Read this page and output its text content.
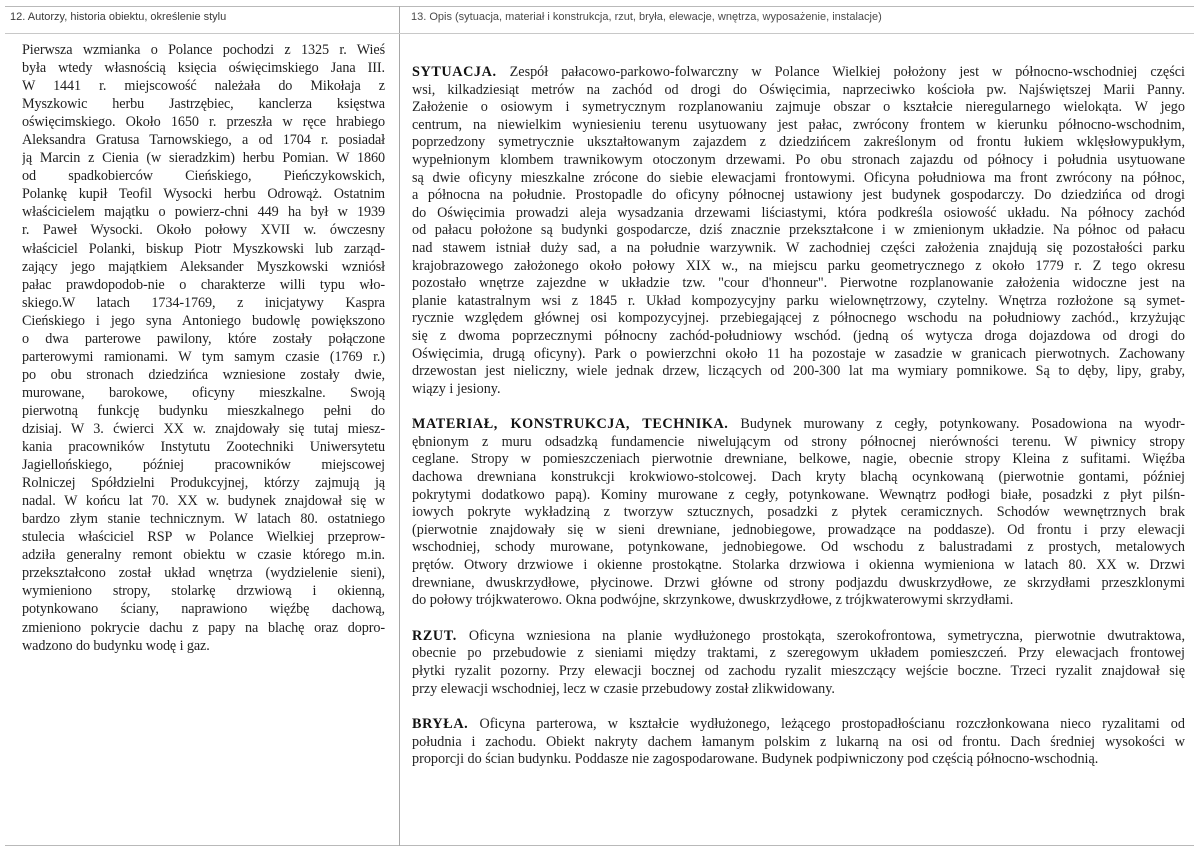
12. Autorzy, historia obiektu, określenie stylu	13. Opis (sytuacja, materiał i konstrukcja, rzut, bryła, elewacje, wnętrza, wyposażenie, instalacje)
Pierwsza wzmianka o Polance pochodzi z 1325 r. Wieś
była wtedy własnością księcia oświęcimskiego Jana III.
W 1441 r. miejscowość należała do Mikołaja z
Myszkowic herbu Jastrzębiec, kanclerza księstwa
oświęcimskiego. Około 1650 r. przeszła w ręce hrabiego
Aleksandra Gratusa Tarnowskiego, a od 1704 r. posiadał
ją Marcin z Cienia (w sieradzkim) herbu Pomian. W 1860
od spadkobierców Cieńskiego, Pieńczykowskich,
Polankę kupił Teofil Wysocki herbu Odrowąż. Ostatnim
właścicielem majątku o powierz-chni 449 ha był w 1939
r. Paweł Wysocki. Około połowy XVII w. ówczesny
właściciel Polanki, biskup Piotr Myszkowski lub zarząd-
zający jego majątkiem Aleksander Myszkowski wzniósł
pałac prawdopodob-nie o charakterze willi typu wło-
skiego.W latach 1734-1769, z inicjatywy Kaspra
Cieńskiego i jego syna Antoniego budowlę powiększono
o dwa parterowe pawilony, które zostały połączone
parterowymi ramionami. W tym samym czasie (1769 r.)
po obu stronach dziedzińca wzniesione zostały dwie,
murowane, barokowe, oficyny mieszkalne. Swoją
pierwotną funkcję budynku mieszkalnego pełni do
dzisiaj. W 3. ćwierci XX w. znajdowały się tutaj miesz-
kania pracowników Instytutu Zootechniki Uniwersytetu
Jagiellońskiego, później pracowników miejscowej
Rolniczej Spółdzielni Produkcyjnej, którzy zajmują ją
nadal. W końcu lat 70. XX w. budynek znajdował się w
bardzo złym stanie technicznym. W latach 80. ostatniego
stulecia właściciel RSP w Polance Wielkiej przeprow-
adziła generalny remont obiektu w czasie którego m.in.
przekształcono został układ wnętrza (wydzielenie sieni),
wymieniono stropy, stolarkę drzwiową i okienną,
potynkowano ściany, naprawiono więźbę dachową,
zmieniono pokrycie dachu z papy na blachę oraz dopro-
wadzono do budynku wodę i gaz.
SYTUACJA. Zespół pałacowo-parkowo-folwarczny w Polance Wielkiej położony jest w północno-wschodniej części
wsi, kilkadziesiąt metrów na zachód od drogi do Oświęcimia, naprzeciwko kościoła pw. Najświętszej Marii Panny.
Założenie o osiowym i symetrycznym rozplanowaniu zajmuje obszar o kształcie nieregularnego wielokąta. W jego
centrum, na niewielkim wyniesieniu terenu usytuowany jest pałac, zwrócony frontem w kierunku północno-wschodnim,
poprzedzony symetrycznie ukształtowanym zajazdem z dziedzińcem zakreślonym od frontu łukiem wklęsłowypukłym,
wypełnionym klombem trawnikowym otoczonym drzewami. Po obu stronach zajazdu od północy i południa usytuowane
są dwie oficyny mieszkalne zrócone do siebie elewacjami frontowymi. Oficyna południowa ma front zwrócony na północ,
a północna na południe. Prostopadle do oficyny północnej ustawiony jest budynek gospodarczy. Do dziedzińca od drogi
do Oświęcimia prowadzi aleja wysadzania drzewami liściastymi, która podkreśla osiowość układu. Na północy zachód
od pałacu położone są budynki gospodarcze, dziś znacznie przekształcone i w zmienionym układzie. Na północ od pałacu
nad stawem istniał duży sad, a na południe warzywnik. W zachodniej części założenia znajdują się pozostałości parku
krajobrazowego założonego około połowy XIX w., na miejscu parku geometrycznego z około 1779 r. Z tego okresu
pozostało wnętrze zajezdne w układzie tzw. "cour d'honneur". Pierwotne rozplanowanie założenia widoczne jest na
planie katastralnym wsi z 1845 r. Układ kompozycyjny parku wielownętrzowy, czytelny. Wnętrza rozłożone są symet-
rycznie względem głównej osi kompozycyjnej. przebiegającej z północnego wschodu na południowy zachód., krzyżując
się z dwoma poprzecznymi północny zachód-południowy wschód. (jedną oś wytycza droga dojazdowa od drogi do
Oświęcimia, drugą oficyny). Park o powierzchni około 11 ha pozostaje w zasadzie w granicach pierwotnych. Zachowany
drzewostan jest nieliczny, wiele jednak drzew, liczących od 200-300 lat ma wymiary pomnikowe. Są to dęby, lipy, graby,
wiązy i jesiony.
MATERIAŁ, KONSTRUKCJA, TECHNIKA. Budynek murowany z cegły, potynkowany. Posadowiona na wyodr-
ębnionym z muru odsadzką fundamencie niwelującym od strony północnej nierówności terenu. W piwnicy stropy
ceglane. Stropy w pomieszczeniach pierwotnie drewniane, belkowe, nagie, obecnie stropy Kleina z sufitami. Więźba
dachowa drewniana konstrukcji krokwiowo-stolcowej. Dach kryty blachą ocynkowaną (pierwotnie gontami, później
pokrytymi dodatkowo papą). Kominy murowane z cegły, potynkowane. Wewnątrz podłogi białe, posadzki z płyt pilśn-
iowych pokryte wykładziną z tworzyw sztucznych, posadzki z płytek ceramicznych. Schodów wewnętrznych brak
(pierwotnie znajdowały się w sieni drewniane, jednobiegowe, prowadzące na poddasze). Od frontu i przy elewacji
wschodniej, schody murowane, potynkowane, jednobiegowe. Od wschodu z balustradami z prostych, metalowych
prętów. Otwory drzwiowe i okienne prostokątne. Stolarka drzwiowa i okienna wymieniona w latach 80. XX w. Drzwi
drewniane, dwuskrzydłowe, płycinowe. Drzwi główne od strony podjazdu dwuskrzydłowe, ze skrzydłami przeszklonymi
do połowy trójkwaterowo. Okna podwójne, skrzynkowe, dwuskrzydłowe, z trójkwaterowymi skrzydłami.
RZUT. Oficyna wzniesiona na planie wydłużonego prostokąta, szerokofrontowa, symetryczna, pierwotnie dwutraktowa,
obecnie po przebudowie z sieniami między traktami, z szeregowym układem pomieszczeń. Przy elewacjach frontowej
płytki ryzalit pozorny. Przy elewacji bocznej od zachodu ryzalit mieszczący wejście boczne. Trzeci ryzalit znajdował się
przy elewacji wschodniej, lecz w czasie przebudowy został zlikwidowany.
BRYŁA. Oficyna parterowa, w kształcie wydłużonego, leżącego prostopadłościanu rozczłonkowana nieco ryzalitami od
południa i zachodu. Obiekt nakryty dachem łamanym polskim z lukarną na osi od frontu. Dach średniej wysokości w
proporcji do ścian budynku. Poddasze nie zagospodarowane. Budynek podpiwniczony pod częścią północno-wschodnią.
